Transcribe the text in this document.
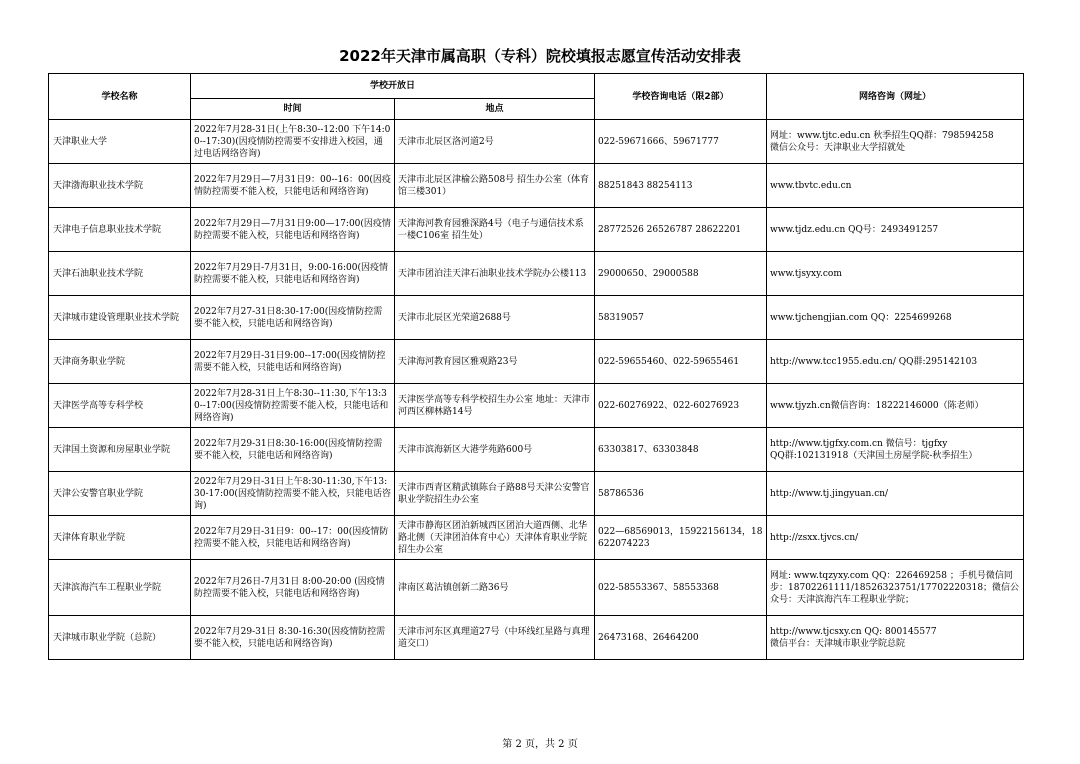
2022年天津市属高职（专科）院校填报志愿宣传活动安排表
学校名称	学校开放日		学校咨询电话（限2部）	网络咨询（网址）
	时间	地点		
天津职业大学	2022年7月28-31日(上午8:30--12:00 下午14:00--17:30)(因疫情防控需要不安排进入校园，通过电话网络咨询)	天津市北辰区洛河道2号	022-59671666、59671777	网址：www.tjtc.edu.cn 秋季招生QQ群：798594258
微信公众号：天津职业大学招就处

天津渤海职业技术学院	2022年7月29日—7月31日9：00--16：00(因疫情防控需要不能入校，只能电话和网络咨询)	天津市北辰区津榆公路508号 招生办公室（体育馆三楼301）	88251843 88254113	www.tbvtc.edu.cn

天津电子信息职业技术学院	2022年7月29日—7月31日9:00—17:00(因疫情防控需要不能入校，只能电话和网络咨询)	天津海河教育园雅深路4号（电子与通信技术系一楼C106室 招生处）	28772526 26526787 28622201	www.tjdz.edu.cn QQ号：2493491257

天津石油职业技术学院	2022年7月29日-7月31日，9:00-16:00(因疫情防控需要不能入校，只能电话和网络咨询)	天津市团泊洼天津石油职业技术学院办公楼113	29000650、29000588	www.tjsyxy.com

天津城市建设管理职业技术学院	2022年7月27-31日8:30-17:00(因疫情防控需要不能入校，只能电话和网络咨询)	天津市北辰区光荣道2688号	58319057	www.tjchengjian.com QQ：2254699268

天津商务职业学院	2022年7月29日-31日9:00--17:00(因疫情防控需要不能入校，只能电话和网络咨询)	天津海河教育园区雅观路23号	022-59655460、022-59655461	http://www.tcc1955.edu.cn/ QQ群:295142103

天津医学高等专科学校	2022年7月28-31日上午8:30--11:30,下午13:30--17:00(因疫情防控需要不能入校，只能电话和网络咨询)	天津医学高等专科学校招生办公室 地址：天津市河西区柳林路14号	022-60276922、022-60276923	www.tjyzh.cn微信咨询：18222146000（陈老师）

天津国土资源和房屋职业学院	2022年7月29-31日8:30-16:00(因疫情防控需要不能入校，只能电话和网络咨询)	天津市滨海新区大港学苑路600号	63303817、63303848	http://www.tjgfxy.com.cn 微信号：tjgfxy
QQ群:102131918（天津国土房屋学院-秋季招生）

天津公安警官职业学院	2022年7月29日-31日上午8:30-11:30,下午13:30-17:00(因疫情防控需要不能入校，只能电话咨询)	天津市西青区精武镇陈台子路88号天津公安警官职业学院招生办公室	58786536	http://www.tj.jingyuan.cn/

天津体育职业学院	2022年7月29日-31日9：00--17：00(因疫情防控需要不能入校，只能电话和网络咨询)	天津市静海区团泊新城西区团泊大道西侧、北华路北侧（天津团泊体育中心）天津体育职业学院招生办公室	022—68569013，15922156134，18622074223	http://zsxx.tjvcs.cn/

天津滨海汽车工程职业学院	2022年7月26日-7月31日 8:00-20:00 (因疫情防控需要不能入校，只能电话和网络咨询)	津南区葛沽镇创新二路36号	022-58553367、58553368	网址: www.tqzyxy.com QQ：226469258 ；手机号微信同步：18702261111/18526323751/17702220318；微信公众号：天津滨海汽车工程职业学院；

天津城市职业学院（总院）	2022年7月29-31日 8:30-16:30(因疫情防控需要不能入校，只能电话和网络咨询)	天津市河东区真理道27号（中环线红星路与真理道交口）	26473168、26464200	http://www.tjcsxy.cn QQ: 800145577
微信平台：天津城市职业学院总院
第 2 页，共 2 页
